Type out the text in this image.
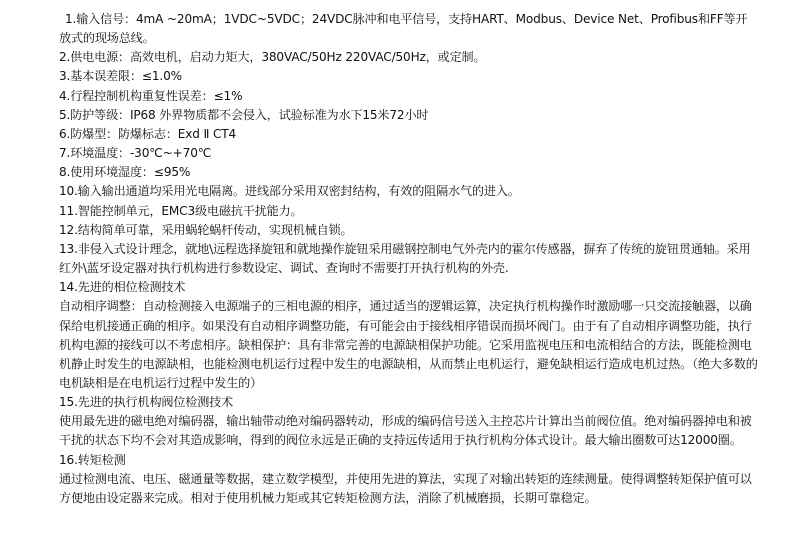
1.输入信号：4mA ~20mA；1VDC~5VDC；24VDC脉冲和电平信号，支持HART、Modbus、Device Net、Profibus和FF等开放式的现场总线。

2.供电电源：高效电机，启动力矩大，380VAC/50Hz 220VAC/50Hz，或定制。

3.基本误差限：≤1.0%

4.行程控制机构重复性误差：≤1%

5.防护等级：IP68 外界物质都不会侵入，试验标准为水下15米72小时

6.防爆型：防爆标志：Exd Ⅱ CT4

7.环境温度：-30℃~+70℃

8.使用环境湿度：≤95%

10.输入输出通道均采用光电隔离。进线部分采用双密封结构，有效的阻隔水气的进入。

11.智能控制单元，EMC3级电磁抗干扰能力。

12.结构简单可靠，采用蜗轮蜗杆传动，实现机械自锁。

13.非侵入式设计理念，就地\远程选择旋钮和就地操作旋钮采用磁钢控制电气外壳内的霍尔传感器，摒弃了传统的旋钮贯通轴。采用红外\蓝牙设定器对执行机构进行参数设定、调试、查询时不需要打开执行机构的外壳.

14.先进的相位检测技术

自动相序调整：自动检测接入电源端子的三相电源的相序，通过适当的逻辑运算，决定执行机构操作时激励哪一只交流接触器，以确保给电机接通正确的相序。如果没有自动相序调整功能，有可能会由于接线相序错误而损坏阀门。由于有了自动相序调整功能，执行机构电源的接线可以不考虑相序。缺相保护：具有非常完善的电源缺相保护功能。它采用监视电压和电流相结合的方法，既能检测电机静止时发生的电源缺相，也能检测电机运行过程中发生的电源缺相，从而禁止电机运行，避免缺相运行造成电机过热。（绝大多数的电机缺相是在电机运行过程中发生的）

15.先进的执行机构阀位检测技术

使用最先进的磁电绝对编码器，输出轴带动绝对编码器转动，形成的编码信号送入主控芯片计算出当前阀位值。绝对编码器掉电和被干扰的状态下均不会对其造成影响，得到的阀位永远是正确的支持远传适用于执行机构分体式设计。最大输出圈数可达12000圈。

16.转矩检测

通过检测电流、电压、磁通量等数据，建立数学模型，并使用先进的算法，实现了对输出转矩的连续测量。使得调整转矩保护值可以方便地由设定器来完成。相对于使用机械力矩或其它转矩检测方法，消除了机械磨损，长期可靠稳定。
